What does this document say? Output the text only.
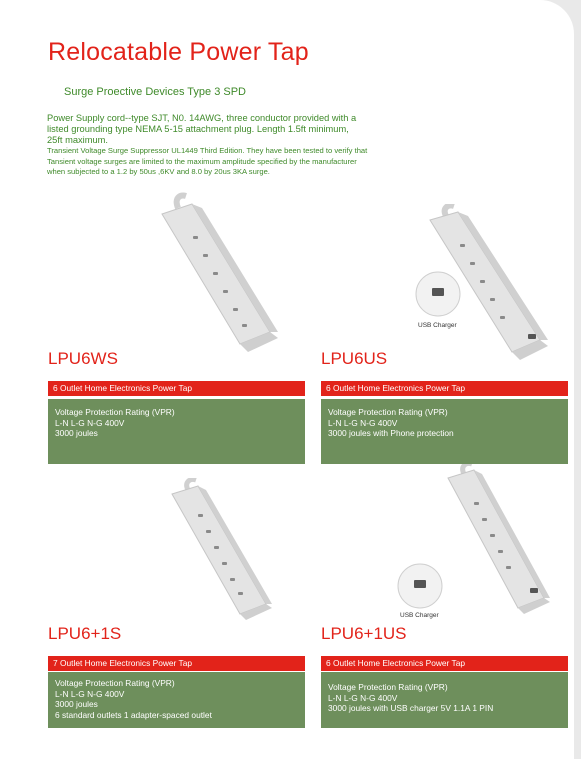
Relocatable Power Tap
Surge Proective Devices Type 3 SPD

Power Supply cord--type SJT, N0. 14AWG, three conductor provided with a

listed grounding type NEMA 5-15 attachment plug. Length 1.5ft minimum,

25ft maximum.

Transient Voltage Surge Suppressor UL1449 Third Edition. They have been tested to verify that

Tansient voltage surges are limited to the maximum amplitude specified by the manufacturer

when subjected to a 1.2 by 50us ,6KV and 8.0 by 20us 3KA surge.

USB Charger
USB Charger
LPU6WS
6 Outlet Home Electronics Power Tap
Voltage Protection Rating (VPR)
L-N L-G N-G 400V
3000 joules
LPU6US
6 Outlet Home Electronics Power Tap
Voltage Protection Rating (VPR)
L-N L-G N-G 400V
3000 joules with Phone protection
LPU6+1S
7 Outlet Home Electronics Power Tap
Voltage Protection Rating (VPR)
L-N L-G N-G 400V
3000 joules
6 standard outlets 1 adapter-spaced outlet
LPU6+1US
6 Outlet Home Electronics Power Tap
Voltage Protection Rating (VPR)
L-N L-G N-G 400V
3000 joules with USB charger 5V 1.1A 1 PIN
